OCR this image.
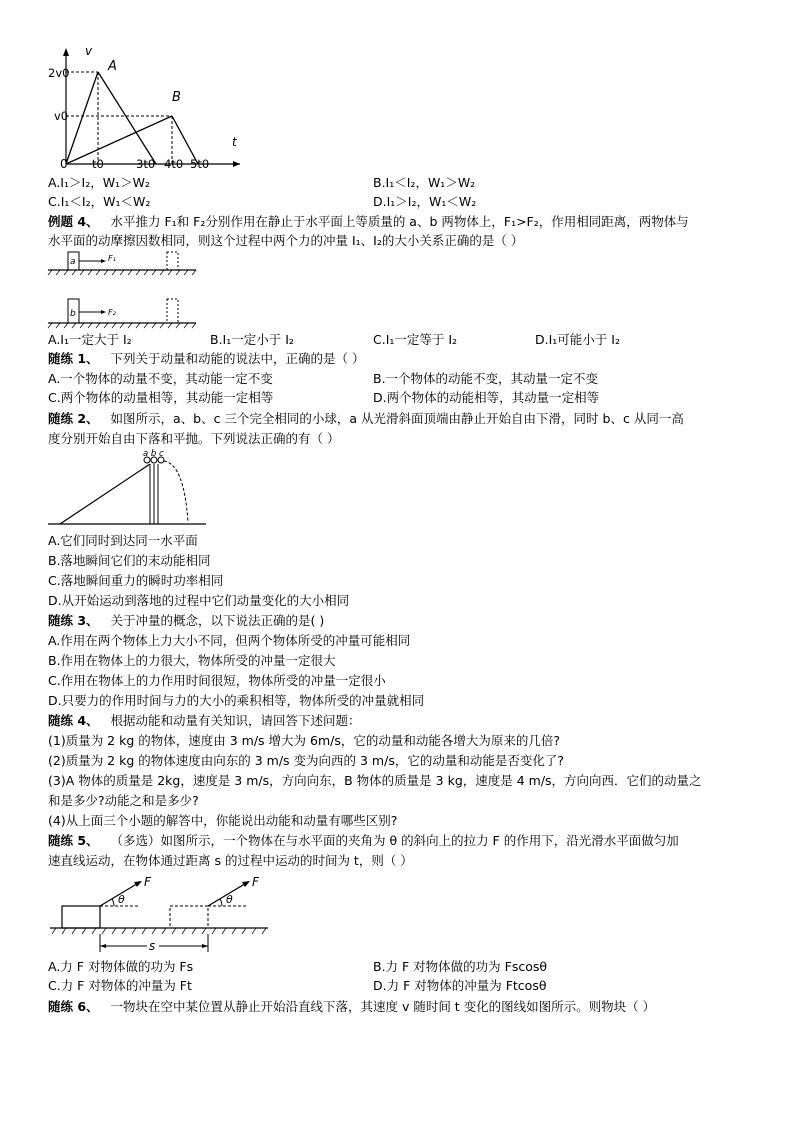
v
t
A
B
2v0
v0
0 t0	3t0 4t0 5t0
A.I₁＞I₂，W₁＞W₂	B.I₁＜I₂，W₁＞W₂
C.I₁＜I₂，W₁＜W₂	D.I₁＞I₂，W₁＜W₂
例题 4、 水平推力 F₁和 F₂分别作用在静止于水平面上等质量的 a、b 两物体上，F₁>F₂，作用相同距离，两物体与
水平面的动摩擦因数相同，则这个过程中两个力的冲量 I₁、I₂的大小关系正确的是（ ）
a	F₁
b	F₂
A.I₁一定大于 I₂	B.I₁一定小于 I₂	C.I₁一定等于 I₂	D.I₁可能小于 I₂
随练 1、 下列关于动量和动能的说法中，正确的是（ ）
A.一个物体的动量不变，其动能一定不变	B.一个物体的动能不变，其动量一定不变
C.两个物体的动量相等，其动能一定相等	D.两个物体的动能相等，其动量一定相等
随练 2、 如图所示，a、b、c 三个完全相同的小球，a 从光滑斜面顶端由静止开始自由下滑，同时 b、c 从同一高
度分别开始自由下落和平抛。下列说法正确的有（ ）
a b c
A.它们同时到达同一水平面
B.落地瞬间它们的末动能相同
C.落地瞬间重力的瞬时功率相同
D.从开始运动到落地的过程中它们动量变化的大小相同
随练 3、 关于冲量的概念，以下说法正确的是( )
A.作用在两个物体上力大小不同，但两个物体所受的冲量可能相同
B.作用在物体上的力很大，物体所受的冲量一定很大
C.作用在物体上的力作用时间很短，物体所受的冲量一定很小
D.只要力的作用时间与力的大小的乘积相等，物体所受的冲量就相同
随练 4、 根据动能和动量有关知识，请回答下述问题：
(1)质量为 2 kg 的物体，速度由 3 m/s 增大为 6m/s，它的动量和动能各增大为原来的几倍?
(2)质量为 2 kg 的物体速度由向东的 3 m/s 变为向西的 3 m/s，它的动量和动能是否变化了?
(3)A 物体的质量是 2kg，速度是 3 m/s，方向向东，B 物体的质量是 3 kg，速度是 4 m/s，方向向西．它们的动量之
和是多少?动能之和是多少?
(4)从上面三个小题的解答中，你能说出动能和动量有哪些区别?
随练 5、 （多选）如图所示，一个物体在与水平面的夹角为 θ 的斜向上的拉力 F 的作用下，沿光滑水平面做匀加
速直线运动，在物体通过距离 s 的过程中运动的时间为 t，则（ ）
F
θ
F
θ
s
A.力 F 对物体做的功为 Fs	B.力 F 对物体做的功为 Fscosθ
C.力 F 对物体的冲量为 Ft	D.力 F 对物体的冲量为 Ftcosθ
随练 6、 一物块在空中某位置从静止开始沿直线下落，其速度 v 随时间 t 变化的图线如图所示。则物块（ ）
